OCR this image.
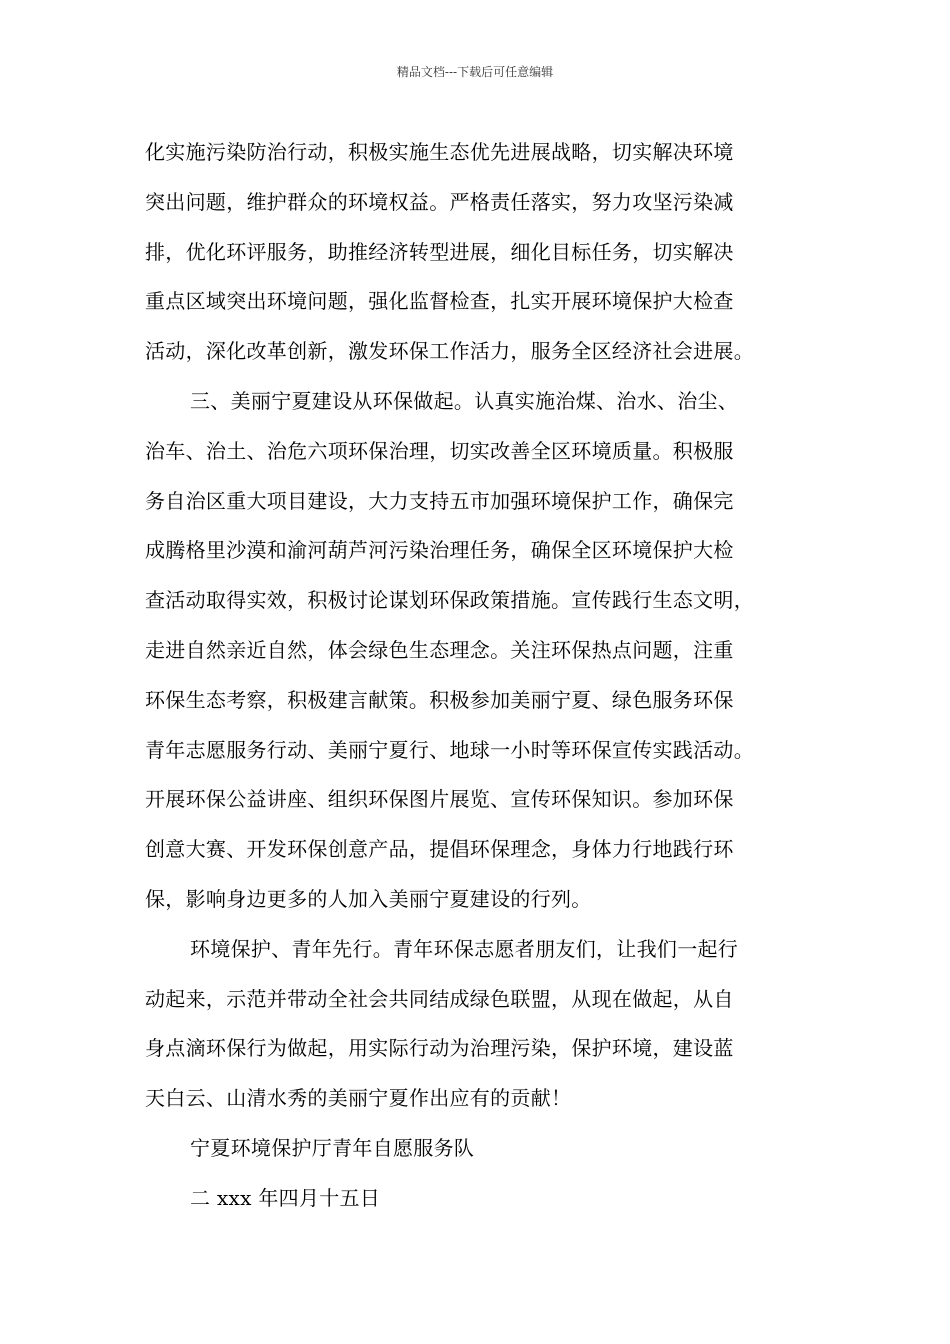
精品文档---下载后可任意编辑
化实施污染防治行动，积极实施生态优先进展战略，切实解决环境
突出问题，维护群众的环境权益。严格责任落实，努力攻坚污染减
排，优化环评服务，助推经济转型进展，细化目标任务，切实解决
重点区域突出环境问题，强化监督检查，扎实开展环境保护大检查
活动，深化改革创新，激发环保工作活力，服务全区经济社会进展。
三、美丽宁夏建设从环保做起。认真实施治煤、治水、治尘、
治车、治土、治危六项环保治理，切实改善全区环境质量。积极服
务自治区重大项目建设，大力支持五市加强环境保护工作，确保完
成腾格里沙漠和渝河葫芦河污染治理任务，确保全区环境保护大检
查活动取得实效，积极讨论谋划环保政策措施。宣传践行生态文明，
走进自然亲近自然，体会绿色生态理念。关注环保热点问题，注重
环保生态考察，积极建言献策。积极参加美丽宁夏、绿色服务环保
青年志愿服务行动、美丽宁夏行、地球一小时等环保宣传实践活动。
开展环保公益讲座、组织环保图片展览、宣传环保知识。参加环保
创意大赛、开发环保创意产品，提倡环保理念，身体力行地践行环
保，影响身边更多的人加入美丽宁夏建设的行列。
环境保护、青年先行。青年环保志愿者朋友们，让我们一起行
动起来，示范并带动全社会共同结成绿色联盟，从现在做起，从自
身点滴环保行为做起，用实际行动为治理污染，保护环境，建设蓝
天白云、山清水秀的美丽宁夏作出应有的贡献！
宁夏环境保护厅青年自愿服务队
二 xxx 年四月十五日
